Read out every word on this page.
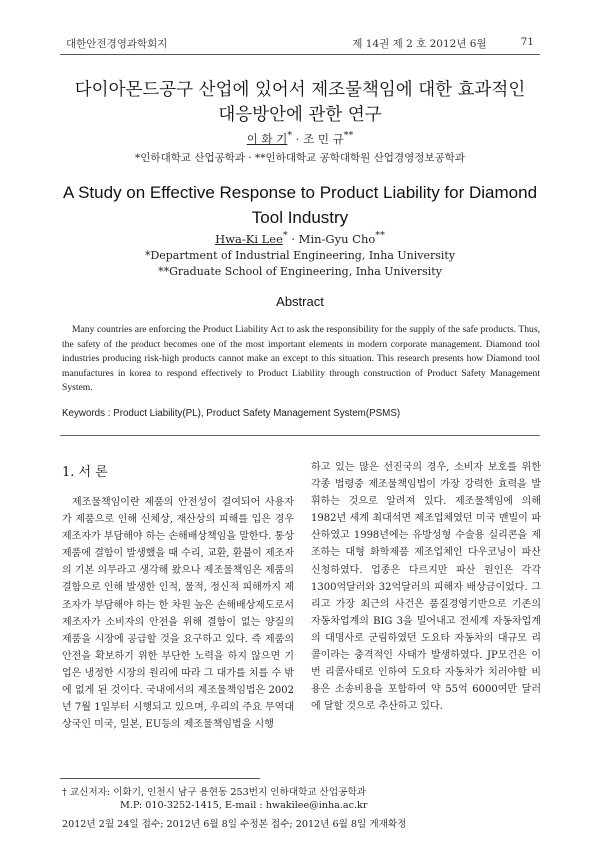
대한안전경영과학회지	제 14권 제 2 호 2012년 6월	71
다이아몬드공구 산업에 있어서 제조물책임에 대한 효과적인
대응방안에 관한 연구
이 화 기* · 조 민 규**
*인하대학교 산업공학과 · **인하대학교 공학대학원 산업경영정보공학과
A Study on Effective Response to Product Liability for Diamond
Tool Industry
Hwa-Ki Lee* · Min-Gyu Cho**
*Department of Industrial Engineering, Inha University
**Graduate School of Engineering, Inha University
Abstract
Many countries are enforcing the Product Liability Act to ask the responsibility for the supply of the safe products. Thus, the safety of the product becomes one of the most important elements in modern corporate management. Diamond tool industries producing risk-high products cannot make an except to this situation. This research presents how Diamond tool manufactures in korea to respond effectively to Product Liability through construction of Product Safety Management System.
Keywords : Product Liability(PL), Product Safety Management System(PSMS)
1. 서 론
제조물책임이란 제품의 안전성이 결여되어 사용자가 제품으로 인해 신체상, 재산상의 피해를 입은 경우 제조자가 부담해야 하는 손해배상책임을 말한다. 통상 제품에 결함이 발생했을 때 수리, 교환, 환불이 제조자의 기본 의무라고 생각해 왔으나 제조물책임은 제품의 결함으로 인해 발생한 인적, 물적, 정신적 피해까지 제조자가 부담해야 하는 한 차원 높은 손해배상제도로서 제조자가 소비자의 안전을 위해 결함이 없는 양질의 제품을 시장에 공급할 것을 요구하고 있다. 즉 제품의 안전을 확보하기 위한 부단한 노력을 하지 않으면 기업은 냉정한 시장의 원리에 따라 그 대가를 치를 수 밖에 없게 된 것이다. 국내에서의 제조물책임법은 2002년 7월 1일부터 시행되고 있으며, 우리의 주요 무역대상국인 미국, 일본, EU등의 제조물책임법을 시행
하고 있는 많은 선진국의 경우, 소비자 보호를 위한 각종 법령중 제조물책임법이 가장 강력한 효력을 발휘하는 것으로 알려져 있다. 제조물책임에 의해 1982년 세계 최대석면 제조업체였던 미국 맨빌이 파산하였고 1998년에는 유방성형 수술용 실리콘을 제조하는 대형 화학제품 제조업체인 다우코닝이 파산 신청하였다. 업종은 다르지만 파산 원인은 각각 1300억달러와 32억달러의 피해자 배상금이었다. 그리고 가장 최근의 사건은 품질경영기반으로 기존의 자동차업계의 BIG 3을 밀어내고 전세계 자동차업계의 대명사로 군림하였던 도요타 자동차의 대규모 리콜이라는 충격적인 사태가 발생하였다. JP모건은 이번 리콜사태로 인하여 도요타 자동차가 치러야할 비용은 소송비용을 포함하여 약 55억 6000여만 달러에 달할 것으로 추산하고 있다.
† 교신저자: 이화기, 인천시 남구 용현동 253번지 인하대학교 산업공학과
M.P: 010-3252-1415, E-mail : hwakilee@inha.ac.kr
2012년 2월 24일 접수; 2012년 6월 8일 수정본 접수; 2012년 6월 8일 게재확정
